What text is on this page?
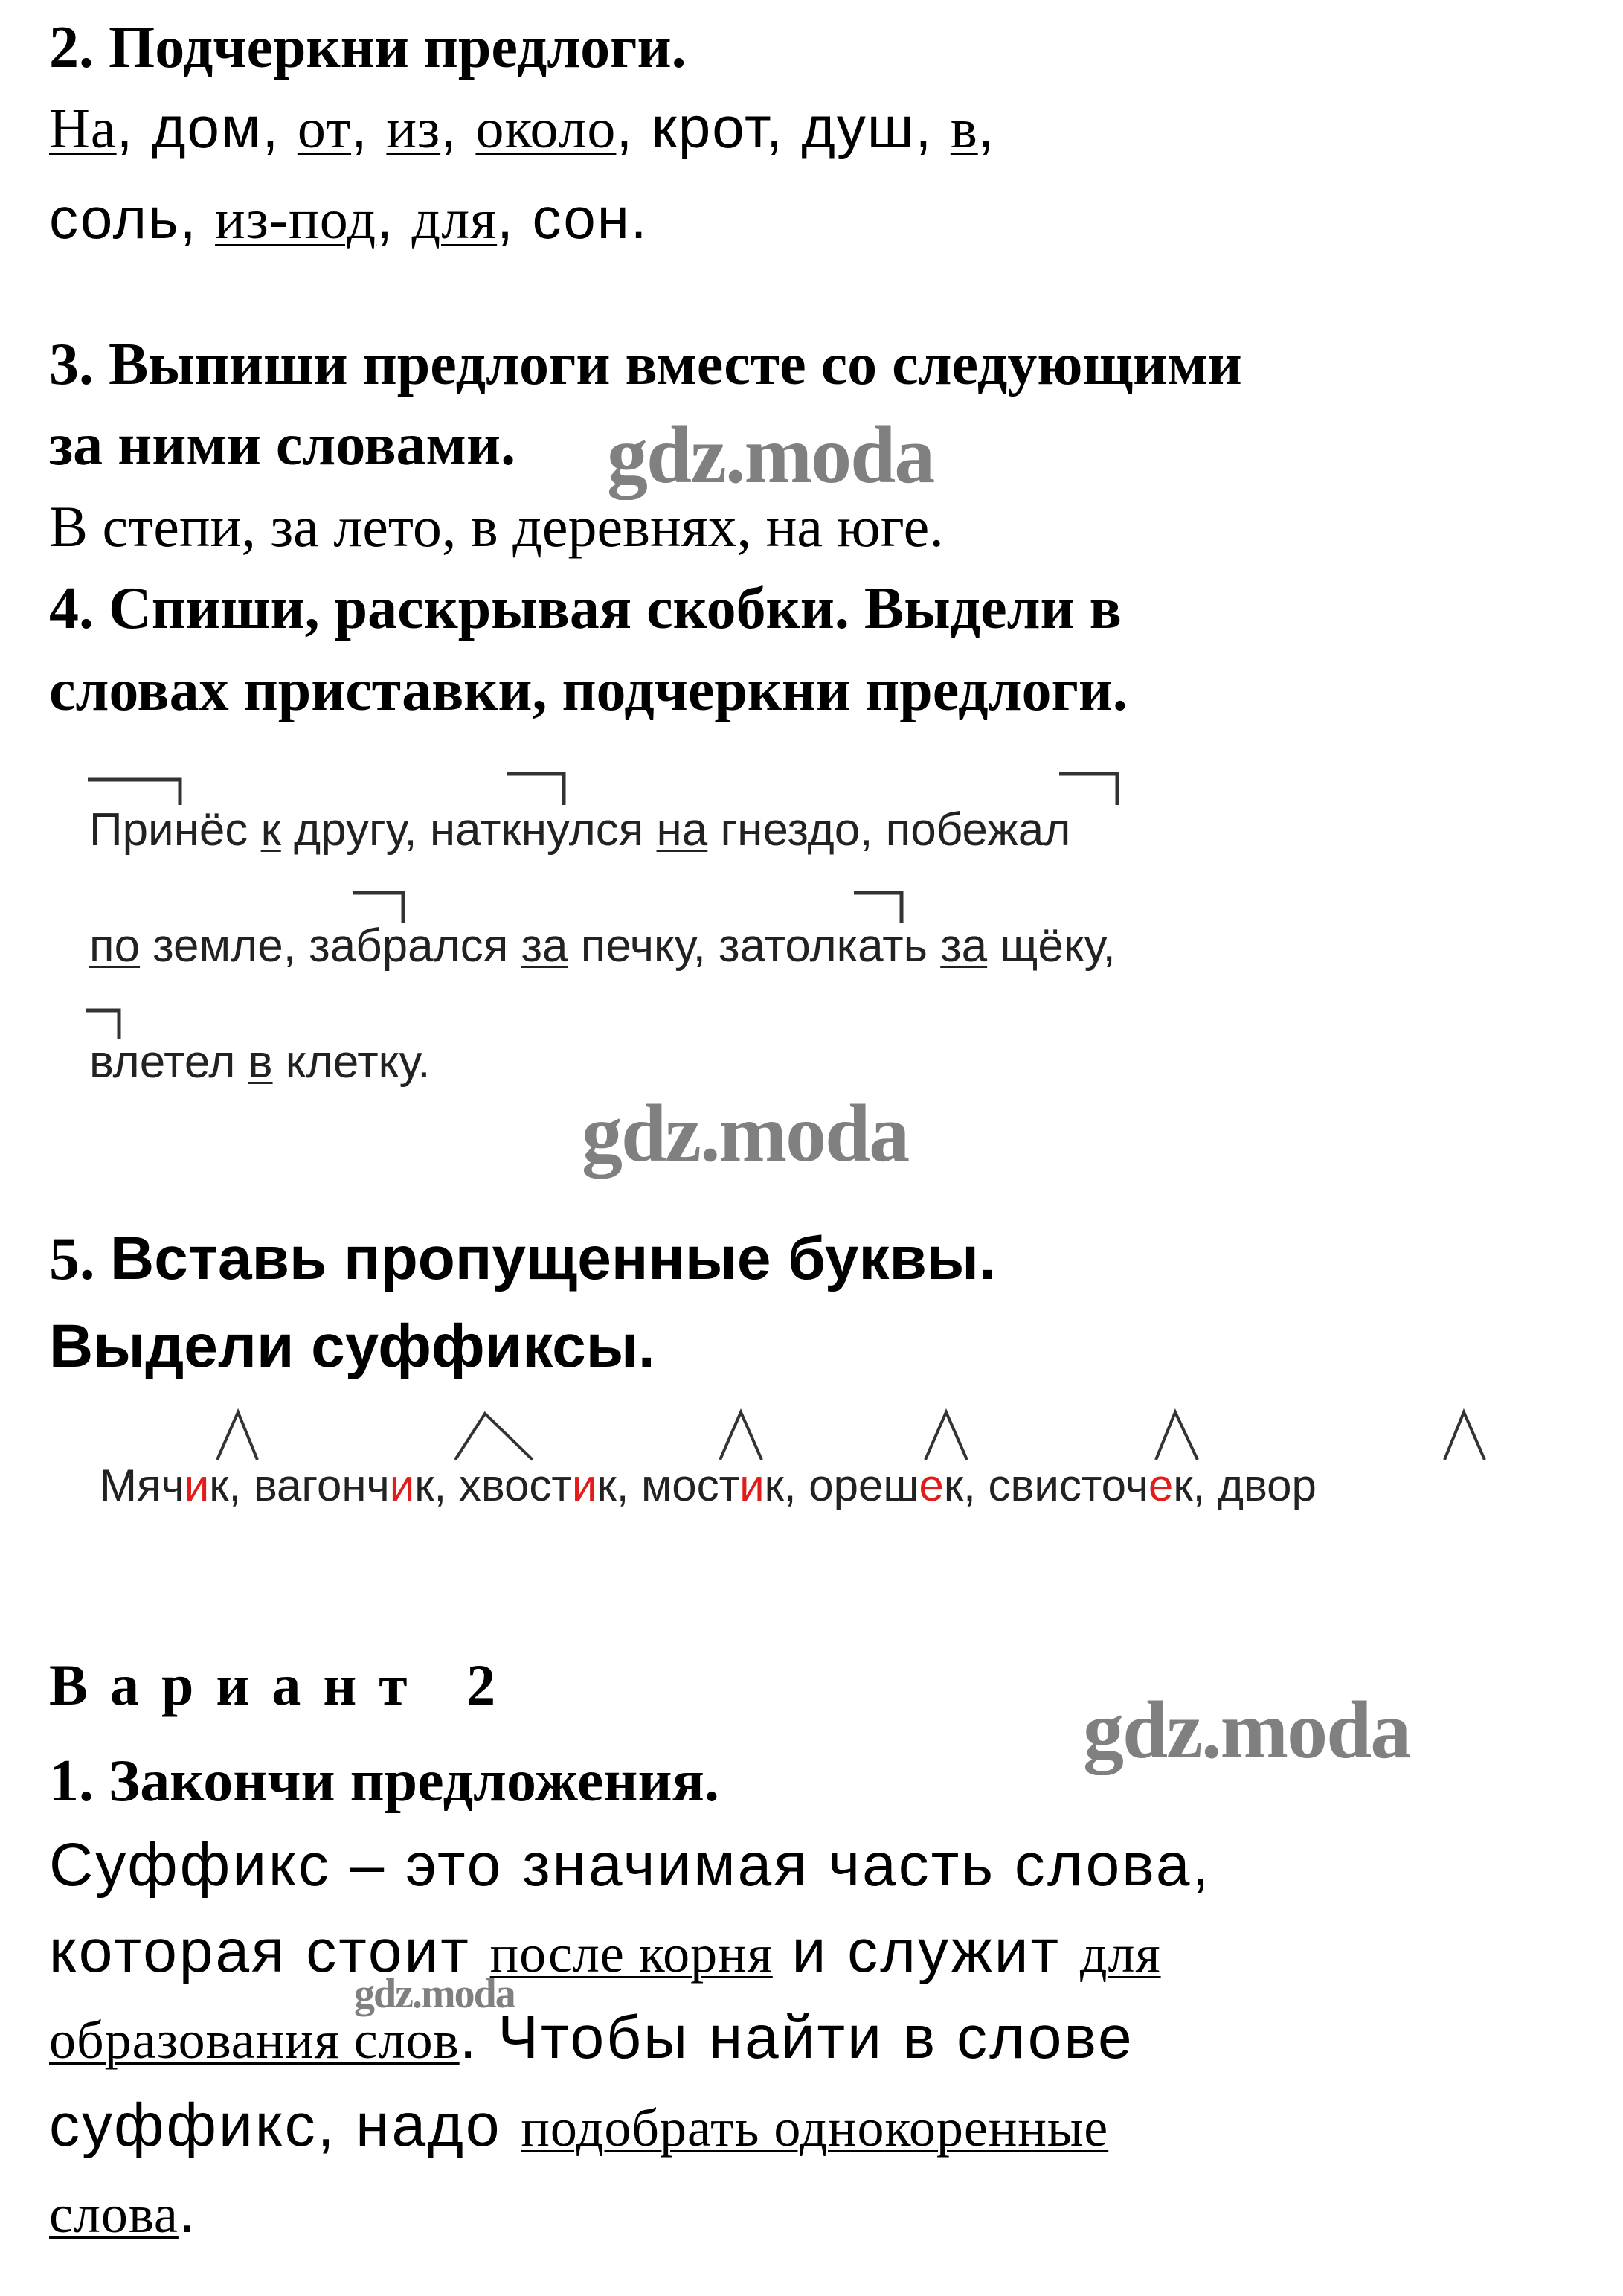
2. Подчеркни предлоги.
На, дом, от, из, около, крот, душ, в,
соль, из-под, для, сон.
3. Выпиши предлоги вместе со следующими
за ними словами.
В степи, за лето, в деревнях, на юге.
4. Спиши, раскрывая скобки. Выдели в
словах приставки, подчеркни предлоги.
Принёс к другу, наткнулся на гнездо, побежал
по земле, забрался за печку, затолкать за щёку,
влетел в клетку.
5. Вставь пропущенные буквы.
Выдели суффиксы.
Мячик, вагончик, хвостик, мостик, орешек, свисточек, двор
Вариант 2
1. Закончи предложения.
Суффикс – это значимая часть слова,
которая стоит после корня и служит для
образования слов. Чтобы найти в слове
суффикс, надо подобрать однокоренные
слова.
gdz.moda
gdz.moda
gdz.moda
gdz.moda
